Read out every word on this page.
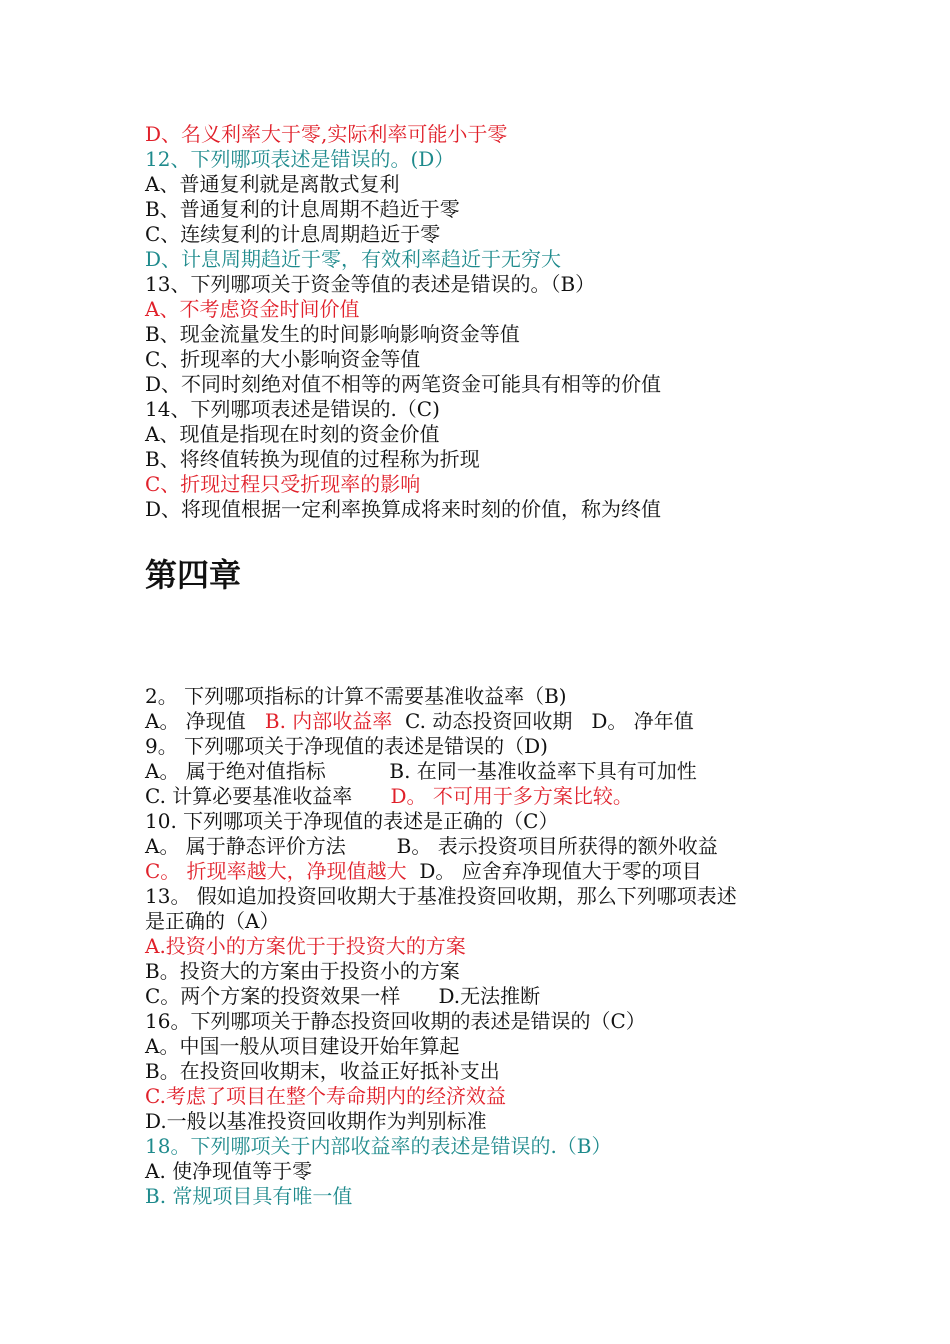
D、名义利率大于零,实际利率可能小于零
12、下列哪项表述是错误的。(D）
A、普通复利就是离散式复利
B、普通复利的计息周期不趋近于零
C、连续复利的计息周期趋近于零
D、计息周期趋近于零，有效利率趋近于无穷大
13、下列哪项关于资金等值的表述是错误的。（B）
A、不考虑资金时间价值
B、现金流量发生的时间影响影响资金等值
C、折现率的大小影响资金等值
D、不同时刻绝对值不相等的两笔资金可能具有相等的价值
14、下列哪项表述是错误的.（C)
A、现值是指现在时刻的资金价值
B、将终值转换为现值的过程称为折现
C、折现过程只受折现率的影响
D、将现值根据一定利率换算成将来时刻的价值，称为终值
第四章
2。 下列哪项指标的计算不需要基准收益率（B)
A。 净现值   B. 内部收益率  C. 动态投资回收期   D。 净年值
9。 下列哪项关于净现值的表述是错误的（D)
A。 属于绝对值指标          B. 在同一基准收益率下具有可加性
C. 计算必要基准收益率      D。 不可用于多方案比较。
10. 下列哪项关于净现值的表述是正确的（C）
A。 属于静态评价方法        B。 表示投资项目所获得的额外收益
C。 折现率越大，净现值越大  D。 应舍弃净现值大于零的项目
13。 假如追加投资回收期大于基准投资回收期，那么下列哪项表述
是正确的（A）
A.投资小的方案优于于投资大的方案
B。投资大的方案由于投资小的方案
C。两个方案的投资效果一样      D.无法推断
16。下列哪项关于静态投资回收期的表述是错误的（C）
A。中国一般从项目建设开始年算起
B。在投资回收期末，收益正好抵补支出
C.考虑了项目在整个寿命期内的经济效益
D.一般以基准投资回收期作为判别标准
18。下列哪项关于内部收益率的表述是错误的.（B）
A. 使净现值等于零
B. 常规项目具有唯一值
